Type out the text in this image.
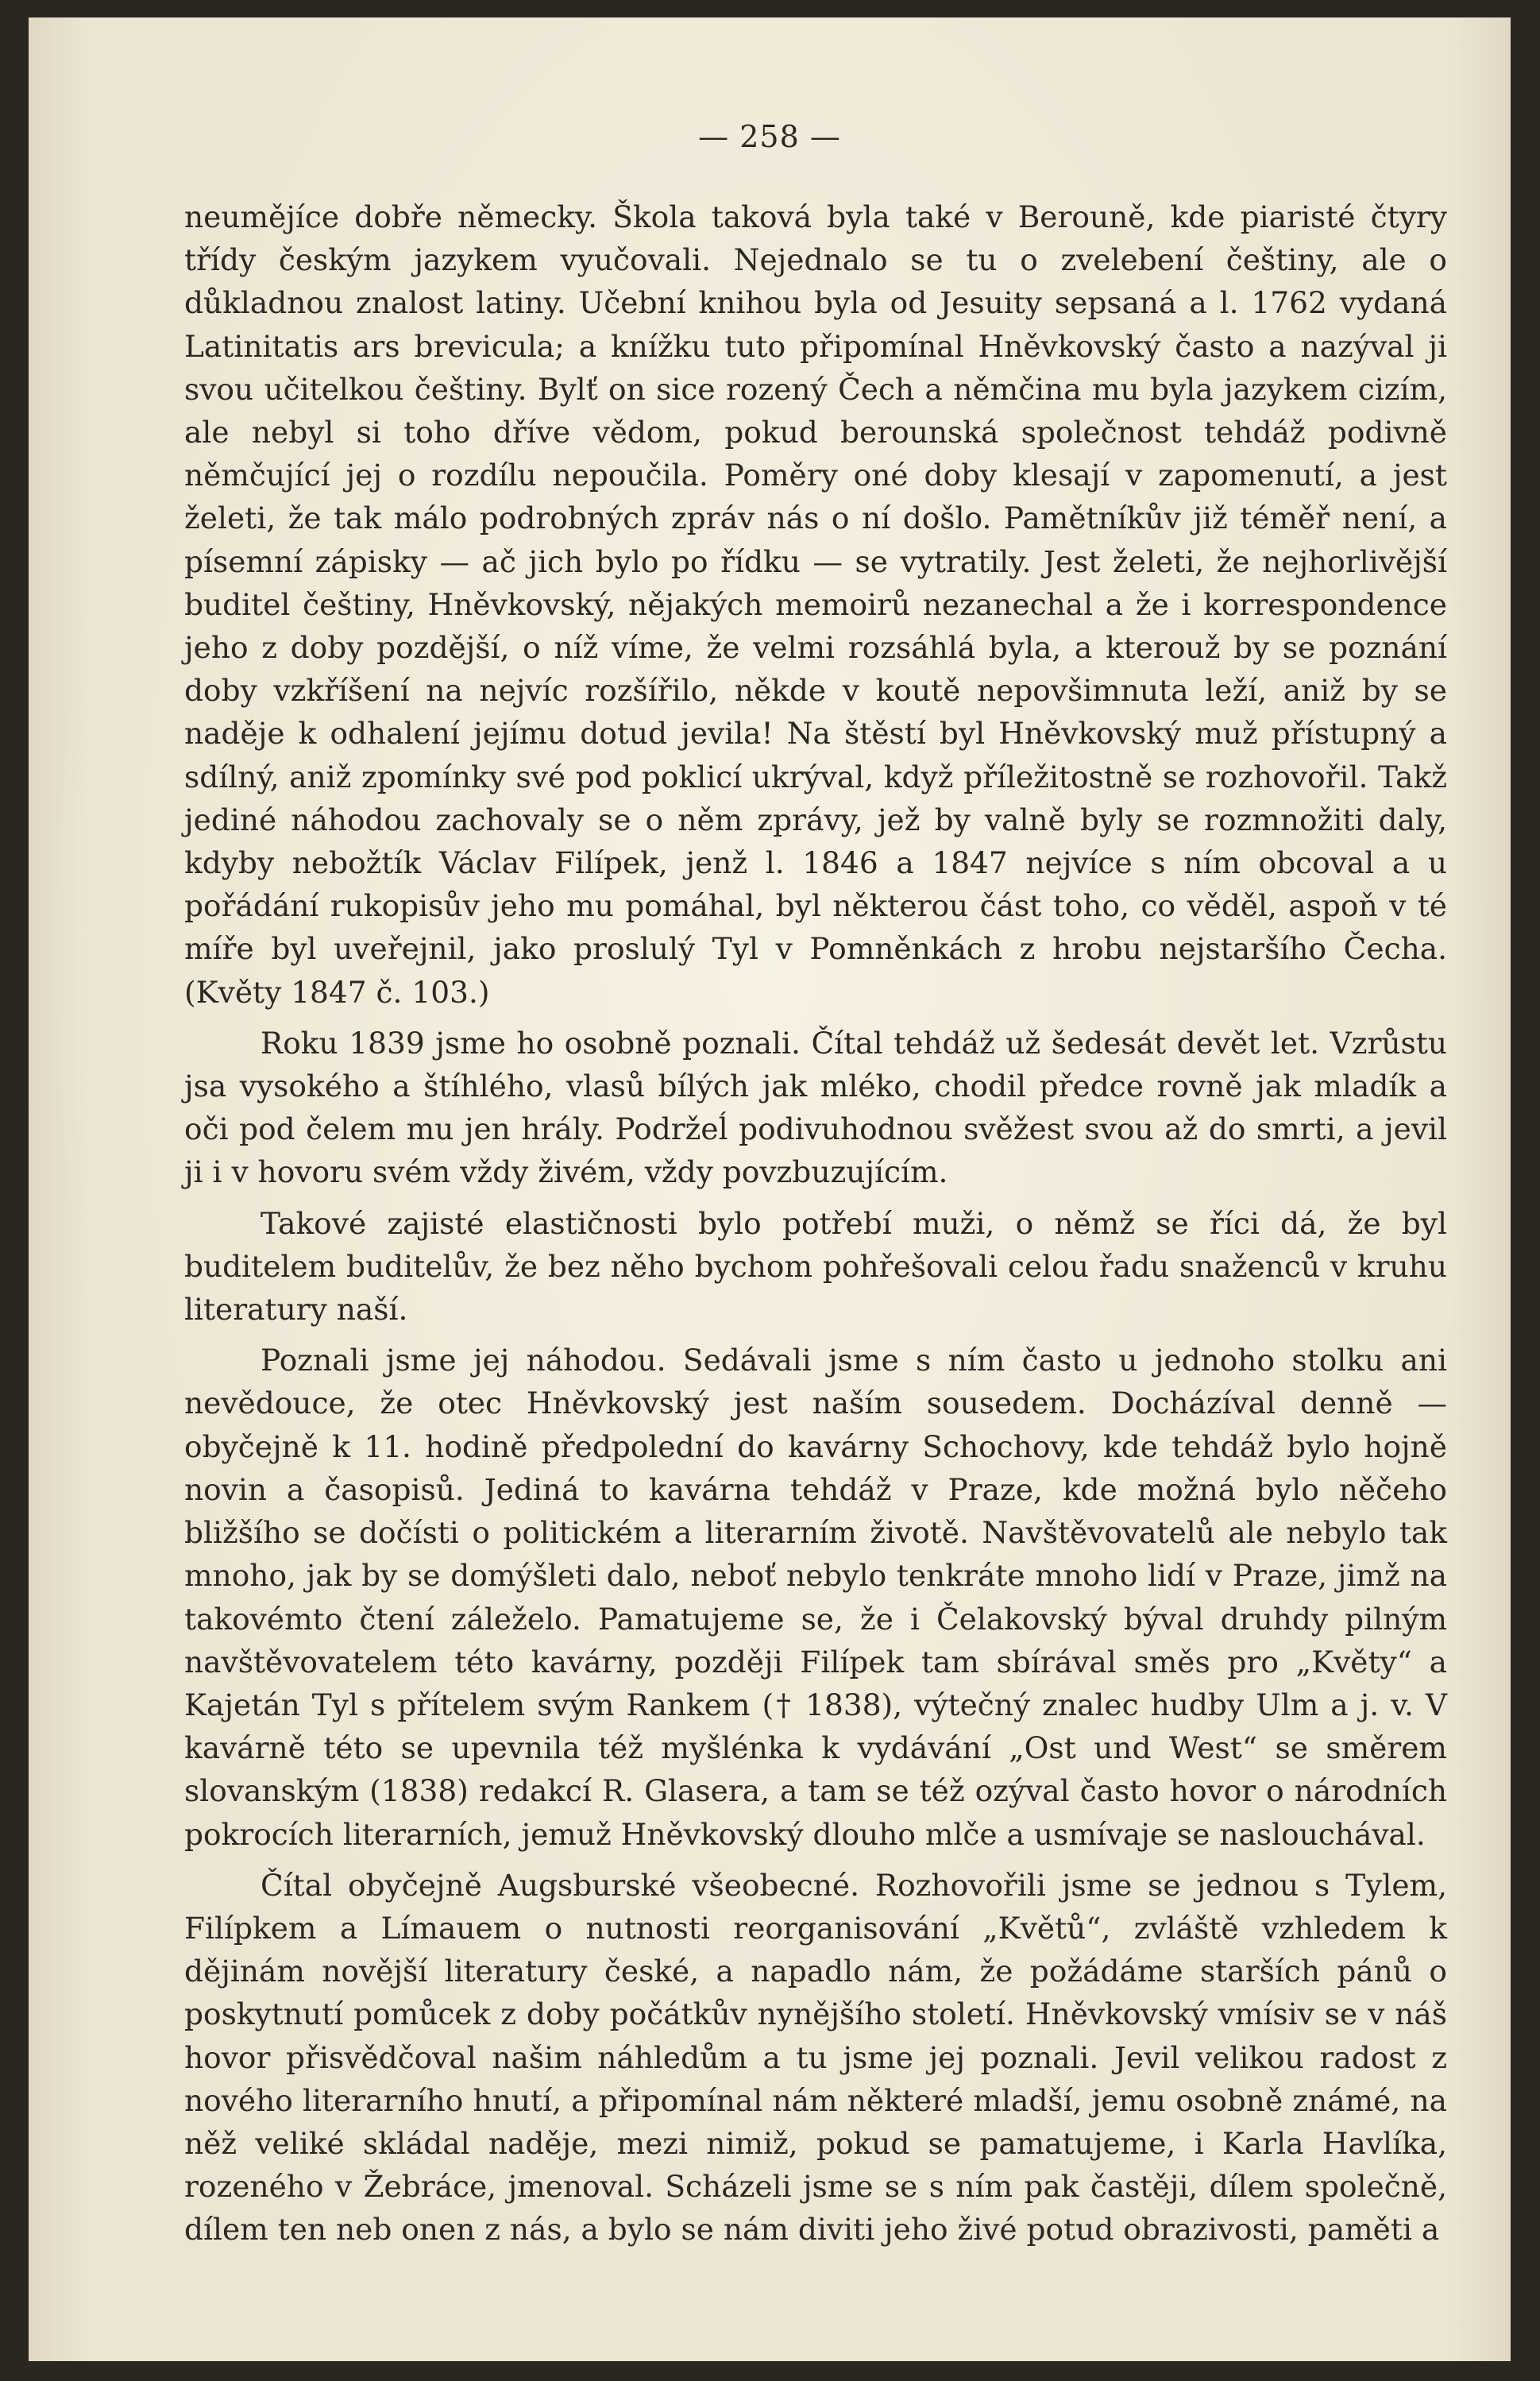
— 258 —

neumějíce dobře německy. Škola taková byla také v Berouně, kde piaristé čtyry třídy českým jazykem vyučovali. Nejednalo se tu o zvelebení češtiny, ale o důkladnou znalost latiny. Učební knihou byla od Jesuity sepsaná a l. 1762 vydaná Latinitatis ars brevicula; a knížku tuto připomínal Hněvkovský často a nazýval ji svou učitelkou češtiny. Bylť on sice rozený Čech a němčina mu byla jazykem cizím, ale nebyl si toho dříve vědom, pokud berounská společnost tehdáž podivně němčující jej o rozdílu nepoučila. Poměry oné doby klesají v zapomenutí, a jest želeti, že tak málo podrobných zpráv nás o ní došlo. Pamětníkův již téměř není, a písemní zápisky — ač jich bylo po řídku — se vytratily. Jest želeti, že nejhorlivější buditel češtiny, Hněvkovský, nějakých memoirů nezanechal a že i korrespondence jeho z doby pozdější, o níž víme, že velmi rozsáhlá byla, a kterouž by se poznání doby vzkříšení na nejvíc rozšířilo, někde v koutě nepovšimnuta leží, aniž by se naděje k odhalení jejímu dotud jevila! Na štěstí byl Hněvkovský muž přístupný a sdílný, aniž zpomínky své pod poklicí ukrýval, když příležitostně se rozhovořil. Takž jediné náhodou zachovaly se o něm zprávy, jež by valně byly se rozmnožiti daly, kdyby nebožtík Václav Filípek, jenž l. 1846 a 1847 nejvíce s ním obcoval a u pořádání rukopisův jeho mu pomáhal, byl některou část toho, co věděl, aspoň v té míře byl uveřejnil, jako proslulý Tyl v Pomněnkách z hrobu nejstaršího Čecha. (Květy 1847 č. 103.)

Roku 1839 jsme ho osobně poznali. Čítal tehdáž už šedesát devět let. Vzrůstu jsa vysokého a štíhlého, vlasů bílých jak mléko, chodil předce rovně jak mladík a oči pod čelem mu jen hrály. Podržeĺ podivuhodnou svěžest svou až do smrti, a jevil ji i v hovoru svém vždy živém, vždy povzbuzujícím.

Takové zajisté elastičnosti bylo potřebí muži, o němž se říci dá, že byl buditelem buditelův, že bez něho bychom pohřešovali celou řadu snaženců v kruhu literatury naší.

Poznali jsme jej náhodou. Sedávali jsme s ním často u jednoho stolku ani nevědouce, že otec Hněvkovský jest naším sousedem. Docházíval denně — obyčejně k 11. hodině předpolední do kavárny Schochovy, kde tehdáž bylo hojně novin a časopisů. Jediná to kavárna tehdáž v Praze, kde možná bylo něčeho bližšího se dočísti o politickém a literarním životě. Navštěvovatelů ale nebylo tak mnoho, jak by se domýšleti dalo, neboť nebylo tenkráte mnoho lidí v Praze, jimž na takovémto čtení záleželo. Pamatujeme se, že i Čelakovský býval druhdy pilným navštěvovatelem této kavárny, později Filípek tam sbírával směs pro „Květy“ a Kajetán Tyl s přítelem svým Rankem († 1838), výtečný znalec hudby Ulm a j. v. V kavárně této se upevnila též myšlénka k vydávání „Ost und West“ se směrem slovanským (1838) redakcí R. Glasera, a tam se též ozýval často hovor o národních pokrocích literarních, jemuž Hněvkovský dlouho mlče a usmívaje se naslouchával.

Čítal obyčejně Augsburské všeobecné. Rozhovořili jsme se jednou s Tylem, Filípkem a Límauem o nutnosti reorganisování „Květů“, zvláště vzhledem k dějinám novější literatury české, a napadlo nám, že požádáme starších pánů o poskytnutí pomůcek z doby počátkův nynějšího století. Hněvkovský vmísiv se v náš hovor přisvědčoval našim náhledům a tu jsme jej poznali. Jevil velikou radost z nového literarního hnutí, a připomínal nám některé mladší, jemu osobně známé, na něž veliké skládal naděje, mezi nimiž, pokud se pamatujeme, i Karla Havlíka, rozeného v Žebráce, jmenoval. Scházeli jsme se s ním pak častěji, dílem společně, dílem ten neb onen z nás, a bylo se nám diviti jeho živé potud obrazivosti, paměti a
